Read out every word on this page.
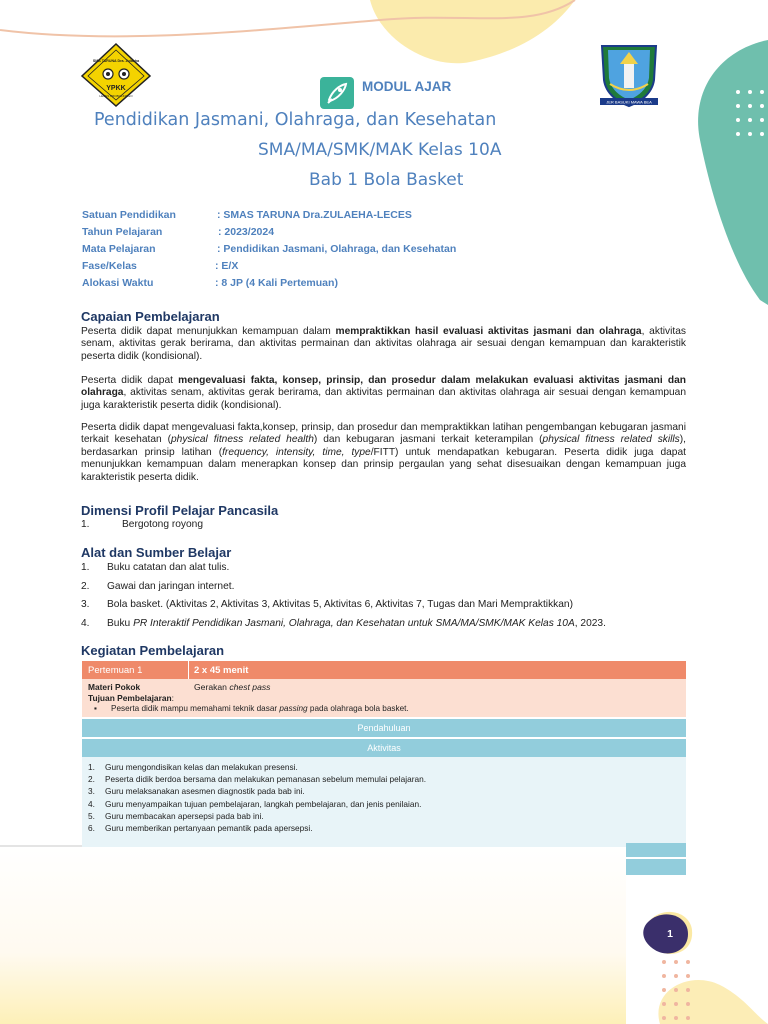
YPKK
SMA TARUNA Dra. Zulaeha
LECES PROBOLINGGO
JER BASUKI MAWA BEA
MODUL AJAR
Pendidikan Jasmani, Olahraga, dan Kesehatan
SMA/MA/SMK/MAK Kelas 10A
Bab 1 Bola Basket
Satuan Pendidikan	: SMAS TARUNA Dra.ZULAEHA-LECES
Tahun Pelajaran	: 2023/2024
Mata Pelajaran	: Pendidikan Jasmani, Olahraga, dan Kesehatan
Fase/Kelas	: E/X
Alokasi Waktu	: 8 JP (4 Kali Pertemuan)
Capaian Pembelajaran
Peserta didik dapat menunjukkan kemampuan dalam mempraktikkan hasil evaluasi aktivitas jasmani dan olahraga, aktivitas senam, aktivitas gerak berirama, dan aktivitas permainan dan aktivitas olahraga air sesuai dengan kemampuan dan karakteristik peserta didik (kondisional).
Peserta didik dapat mengevaluasi fakta, konsep, prinsip, dan prosedur dalam melakukan evaluasi aktivitas jasmani dan olahraga, aktivitas senam, aktivitas gerak berirama, dan aktivitas permainan dan aktivitas olahraga air sesuai dengan kemampuan juga karakteristik peserta didik (kondisional).
Peserta didik dapat mengevaluasi fakta,konsep, prinsip, dan prosedur dan mempraktikkan latihan pengembangan kebugaran jasmani terkait kesehatan (physical fitness related health) dan kebugaran jasmani terkait keterampilan (physical fitness related skills), berdasarkan prinsip latihan (frequency, intensity, time, type/FITT) untuk mendapatkan kebugaran. Peserta didik juga dapat menunjukkan kemampuan dalam menerapkan konsep dan prinsip pergaulan yang sehat disesuaikan dengan kemampuan juga karakteristik peserta didik.
Dimensi Profil Pelajar Pancasila
1.	Bergotong royong
Alat dan Sumber Belajar
1. Buku catatan dan alat tulis.
2. Gawai dan jaringan internet.
3. Bola basket. (Aktivitas 2, Aktivitas 3, Aktivitas 5, Aktivitas 6, Aktivitas 7, Tugas dan Mari Mempraktikkan)
4. Buku PR Interaktif Pendidikan Jasmani, Olahraga, dan Kesehatan untuk SMA/MA/SMK/MAK Kelas 10A, 2023.
Kegiatan Pembelajaran
Pertemuan 1	2 x 45 menit
Materi Pokok	Gerakan chest pass
Tujuan Pembelajaran:
▪ Peserta didik mampu memahami teknik dasar passing pada olahraga bola basket.
Pendahuluan
Aktivitas
1. Guru mengondisikan kelas dan melakukan presensi.
2. Peserta didik berdoa bersama dan melakukan pemanasan sebelum memulai pelajaran.
3. Guru melaksanakan asesmen diagnostik pada bab ini.
4. Guru menyampaikan tujuan pembelajaran, langkah pembelajaran, dan jenis penilaian.
5. Guru membacakan apersepsi pada bab ini.
6. Guru memberikan pertanyaan pemantik pada apersepsi.
1
